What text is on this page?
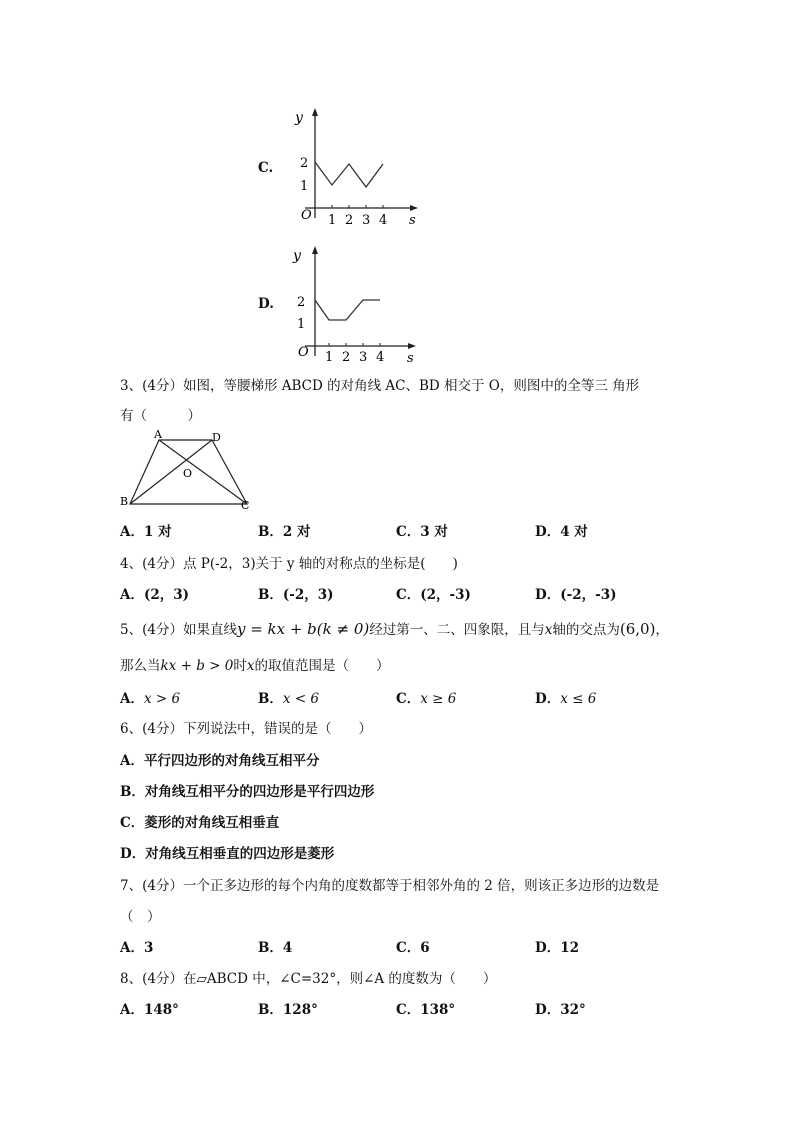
C.
y
s
O
2
1
1 2 3 4
D.
y
s
O
2
1
1 2 3 4
3、(4分）如图，等腰梯形 ABCD 的对角线 AC、BD 相交于 O，则图中的全等三 角形
有（　　　）
A	D
O
B	C
A．1 对	B．2 对	C．3 对	D．4 对
4、(4分）点 P(-2，3)关于 y 轴的对称点的坐标是(　　)
A．(2，3)	B．(-2，3)	C．(2，-3)	D．(-2，-3)
5、(4分）如果直线y = kx + b(k ≠ 0)经过第一、二、四象限，且与x轴的交点为(6,0)，
那么当kx + b > 0时x的取值范围是（　　）
A．x > 6	B．x < 6	C．x ≥ 6	D．x ≤ 6
6、(4分）下列说法中，错误的是（　　）
A．平行四边形的对角线互相平分
B．对角线互相平分的四边形是平行四边形
C．菱形的对角线互相垂直
D．对角线互相垂直的四边形是菱形
7、(4分）一个正多边形的每个内角的度数都等于相邻外角的 2 倍，则该正多边形的边数是
（　）
A．3	B．4	C．6	D．12
8、(4分）在▱ABCD 中，∠C=32°，则∠A 的度数为（　　）
A．148°	B．128°	C．138°	D．32°
